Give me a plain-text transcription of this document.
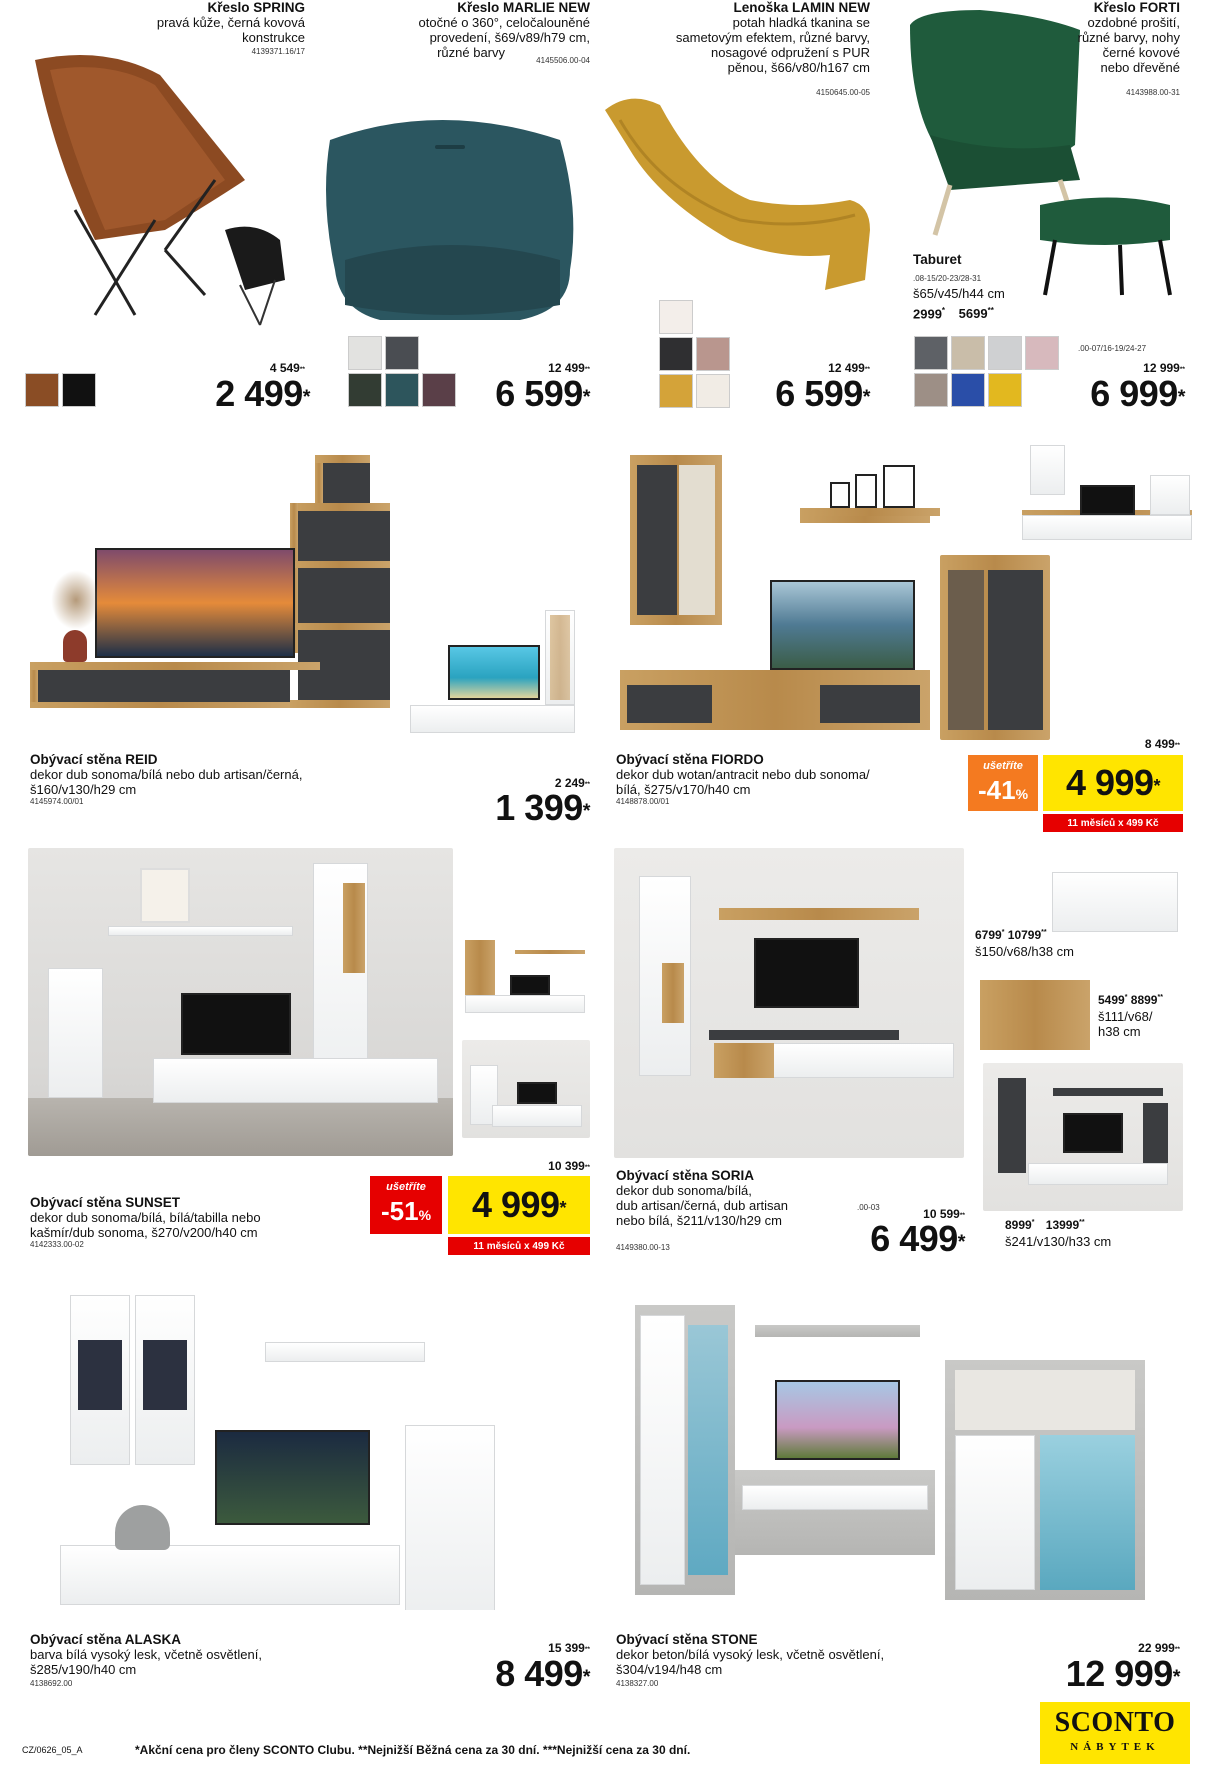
Křeslo SPRING
pravá kůže, černá kovová
konstrukce
4139371.16/17
4 549**
2 499*
Křeslo MARLIE NEW
otočné o 360°, celočalouněné
provedení, š69/v89/h79 cm,
různé barvy
4145506.00-04
12 499**
6 599*
Lenoška LAMIN NEW
potah hladká tkanina se
sametovým efektem, různé barvy,
nosagové odpružení s PUR
pěnou, š66/v80/h167 cm
4150645.00-05
12 499**
6 599*
Křeslo FORTI
ozdobné prošití,
různé barvy, nohy
černé kovové
nebo dřevěné
4143988.00-31
Taburet
.08-15/20-23/28-31
š65/v45/h44 cm
2999* 5699**
.00-07/16-19/24-27
12 999**
6 999*
Obývací stěna REID
dekor dub sonoma/bílá nebo dub artisan/černá,
š160/v130/h29 cm
4145974.00/01
2 249**
1 399*
Obývací stěna FIORDO
dekor dub wotan/antracit nebo dub sonoma/
bílá, š275/v170/h40 cm
4148878.00/01
8 499**
ušetříte
-41% 4 999*
11 měsíců x 499 Kč
Obývací stěna SUNSET
dekor dub sonoma/bílá, bílá/tabilla nebo
kašmír/dub sonoma, š270/v200/h40 cm
4142333.00-02
10 399**
ušetříte
-51%	4 999*
11 měsíců x 499 Kč
6799* 10799**
š150/v68/h38 cm
5499* 8899**
š111/v68/
h38 cm
8999* 13999**
š241/v130/h33 cm
Obývací stěna SORIA
dekor dub sonoma/bílá,
dub artisan/černá, dub artisan
nebo bílá, š211/v130/h29 cm
4149380.00-13
.00-03	10 599**
6 499*
Obývací stěna ALASKA
barva bílá vysoký lesk, včetně osvětlení,
š285/v190/h40 cm
4138692.00
15 399**
8 499*
Obývací stěna STONE
dekor beton/bílá vysoký lesk, včetně osvětlení,
š304/v194/h48 cm
4138327.00
22 999**
12 999*
CZ/0626_05_A	*Akční cena pro členy SCONTO Clubu. **Nejnižší Běžná cena za 30 dní. ***Nejnižší cena za 30 dní.
SCONTO
NÁBYTEK
